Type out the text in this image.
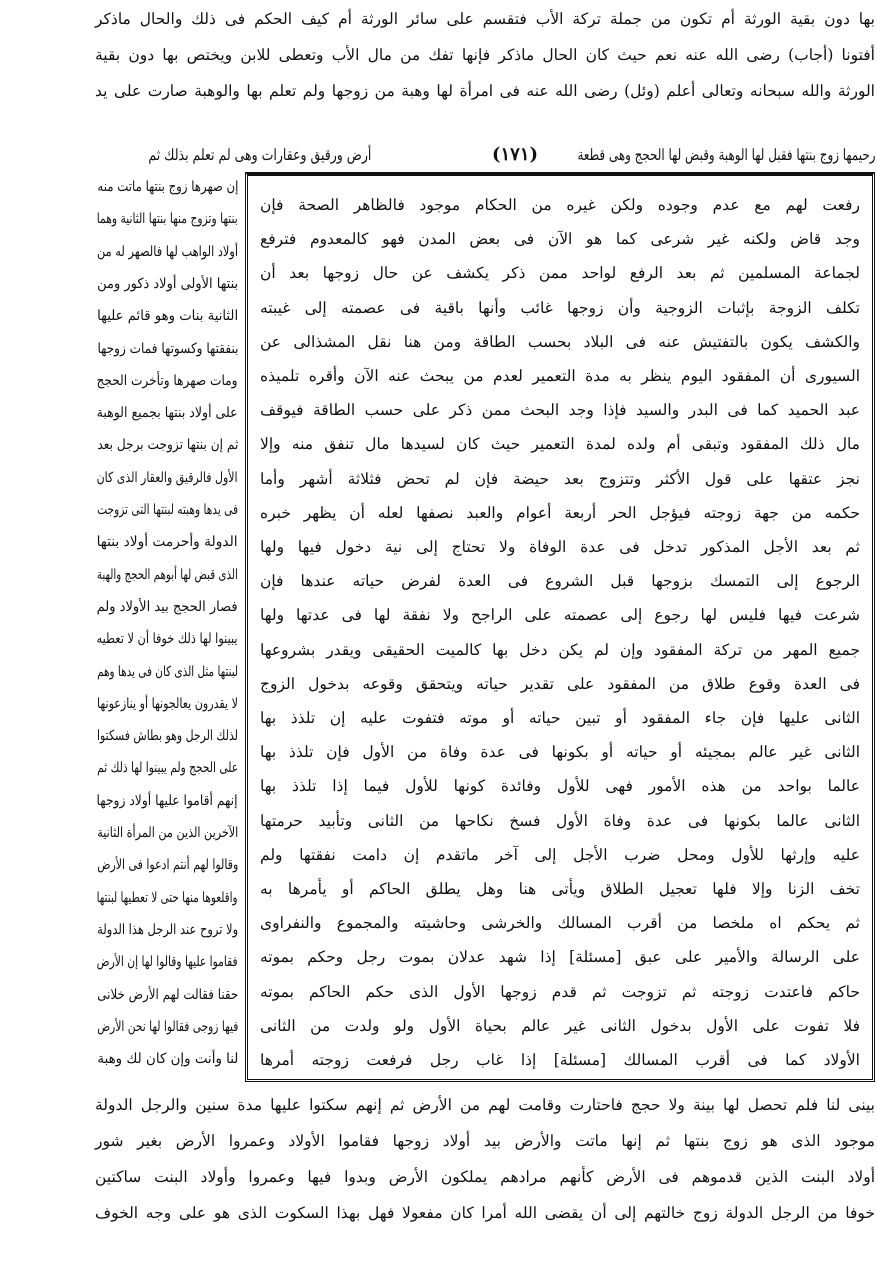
بها دون بقية الورثة أم تكون من جملة تركة الأب فتقسم على سائر الورثة أم كيف الحكم فى ذلك والحال ماذكر
أفتونا (أجاب) رضى الله عنه نعم حيث كان الحال ماذكر فإنها تفك من مال الأب وتعطى للابن ويختص بها دون بقية
الورثة والله سبحانه وتعالى أعلم (وئل) رضى الله عنه فى امرأة لها وهبة من زوجها ولم تعلم بها والوهبة صارت على يد
رحيمها زوج بنتها فقبل لها الوهبة وقبض لها الحجج وهى قطعة
(١٧١)
أرض ورقيق وعقارات وهى لم تعلم بذلك ثم
رفعت لهم مع عدم وجوده ولكن غيره من الحكام موجود فالظاهر الصحة فإن
وجد قاض ولكنه غير شرعى كما هو الآن فى بعض المدن فهو كالمعدوم فترفع
لجماعة المسلمين ثم بعد الرفع لواحد ممن ذكر يكشف عن حال زوجها بعد أن
تكلف الزوجة بإثبات الزوجية وأن زوجها غائب وأنها باقية فى عصمته إلى غيبته
والكشف يكون بالتفتيش عنه فى البلاد بحسب الطاقة ومن هنا نقل المشذالى عن
السيورى أن المفقود اليوم ينظر به مدة التعمير لعدم من يبحث عنه الآن وأقره تلميذه
عبد الحميد كما فى البدر والسيد فإذا وجد البحث ممن ذكر على حسب الطاقة فيوقف
مال ذلك المفقود وتبقى أم ولده لمدة التعمير حيث كان لسيدها مال تنفق منه وإلا
نجز عتقها على قول الأكثر وتتزوج بعد حيضة فإن لم تحض فثلاثة أشهر وأما
حكمه من جهة زوجته فيؤجل الحر أربعة أعوام والعبد نصفها لعله أن يظهر خبره
ثم بعد الأجل المذكور تدخل فى عدة الوفاة ولا تحتاج إلى نية دخول فيها ولها
الرجوع إلى التمسك بزوجها قبل الشروع فى العدة لفرض حياته عندها فإن
شرعت فيها فليس لها رجوع إلى عصمته على الراجح ولا نفقة لها فى عدتها ولها
جميع المهر من تركة المفقود وإن لم يكن دخل بها كالميت الحقيقى ويقدر بشروعها
فى العدة وقوع طلاق من المفقود على تقدير حياته ويتحقق وقوعه بدخول الزوج
الثانى عليها فإن جاء المفقود أو تبين حياته أو موته فتفوت عليه إن تلذذ بها
الثانى غير عالم بمجيئه أو حياته أو بكونها فى عدة وفاة من الأول فإن تلذذ بها
عالما بواحد من هذه الأمور فهى للأول وفائدة كونها للأول فيما إذا تلذذ بها
الثانى عالما بكونها فى عدة وفاة الأول فسخ نكاحها من الثانى وتأبيد حرمتها
عليه وإرثها للأول ومحل ضرب الأجل إلى آخر ماتقدم إن دامت نفقتها ولم
تخف الزنا وإلا فلها تعجيل الطلاق ويأتى هنا وهل يطلق الحاكم أو يأمرها به
ثم يحكم اه ملخصا من أقرب المسالك والخرشى وحاشيته والمجموع والنفراوى
على الرسالة والأمير على عبق [مسئلة] إذا شهد عدلان بموت رجل وحكم بموته
حاكم فاعتدت زوجته ثم تزوجت ثم قدم زوجها الأول الذى حكم الحاكم بموته
فلا تفوت على الأول بدخول الثانى غير عالم بحياة الأول ولو ولدت من الثانى
الأولاد كما فى أقرب المسالك [مسئلة] إذا غاب رجل فرفعت زوجته أمرها
إن صهرها زوج بنتها ماتت منه
بنتها وتزوج منها بنتها الثانية وهما
أولاد الواهب لها فالصهر له من
بنتها الأولى أولاد ذكور ومن
الثانية بنات وهو قائم عليها
بنفقتها وكسوتها فمات زوجها
ومات صهرها وتأخرت الحجج
على أولاد بنتها بجميع الوهبة
ثم إن بنتها تزوجت برجل بعد
الأول فالرقيق والعقار الذى كان
فى يدها وهبته لبنتها التى تزوجت
الدولة وأحرمت أولاد بنتها
الذى قبض لها أبوهم الحجج والهبة
فصار الحجج بيد الأولاد ولم
يبينوا لها ذلك خوفا أن لا تعطيه
لبنتها مثل الذى كان فى يدها وهم
لا يقدرون يعالجونها أو ينازعونها
لذلك الرجل وهو بطاش فسكتوا
على الحجج ولم يبينوا لها ذلك ثم
إنهم أقاموا عليها أولاد زوجها
الآخرين الذين من المرأة الثانية
وقالوا لهم أنتم ادعوا فى الأرض
واقلعوها منها حتى لا تعطيها لبنتها
ولا تروح عند الرجل هذا الدولة
فقاموا عليها وقالوا لها إن الأرض
حقنا فقالت لهم الأرض خلانى
فيها زوجى فقالوا لها نحن الأرض
لنا وأنت وإن كان لك وهبة
بينى لنا فلم تحصل لها بينة ولا حجج فاحتارت وقامت لهم من الأرض ثم إنهم سكتوا عليها مدة سنين والرجل الدولة
موجود الذى هو زوج بنتها ثم إنها ماتت والأرض بيد أولاد زوجها فقاموا الأولاد وعمروا الأرض بغير شور
أولاد البنت الذين قدموهم فى الأرض كأنهم مرادهم يملكون الأرض وبدوا فيها وعمروا وأولاد البنت ساكتين
خوفا من الرجل الدولة زوج خالتهم إلى أن يقضى الله أمرا كان مفعولا فهل بهذا السكوت الذى هو على وجه الخوف
